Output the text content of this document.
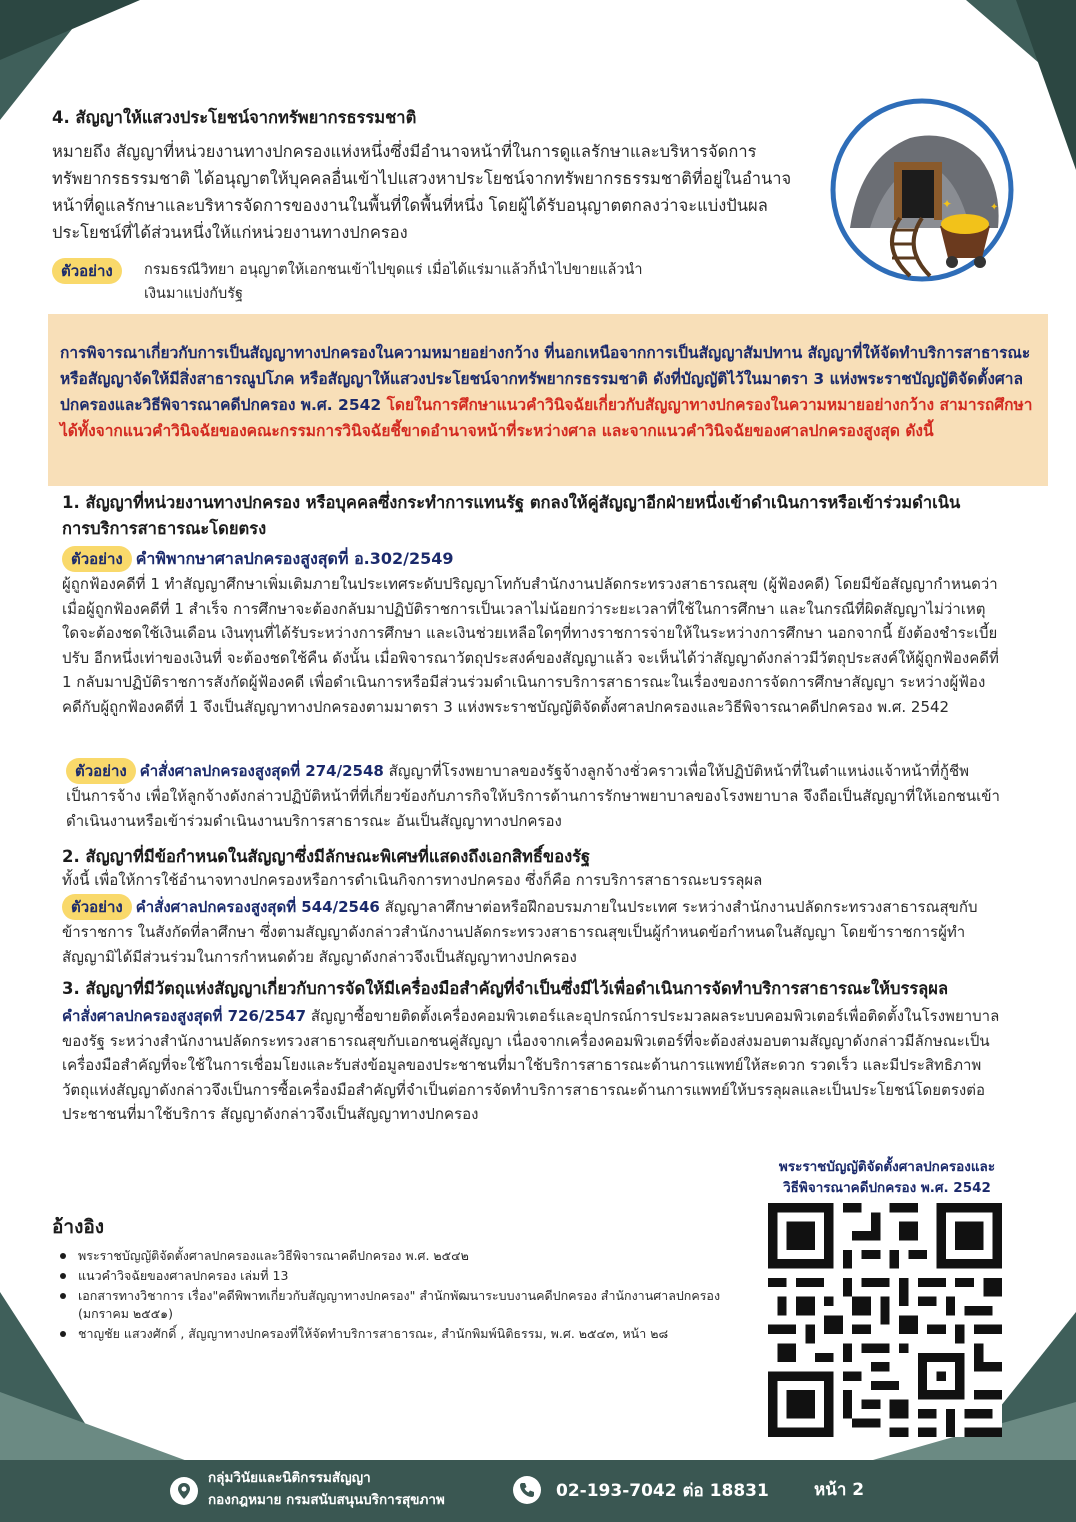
4. สัญญาให้แสวงประโยชน์จากทรัพยากรธรรมชาติ

หมายถึง สัญญาที่หน่วยงานทางปกครองแห่งหนึ่งซึ่งมีอำนาจหน้าที่ในการดูแลรักษาและบริหารจัดการทรัพยากรธรรมชาติ ได้อนุญาตให้บุคคลอื่นเข้าไปแสวงหาประโยชน์จากทรัพยากรธรรมชาติที่อยู่ในอำนาจหน้าที่ดูแลรักษาและบริหารจัดการของงานในพื้นที่ใดพื้นที่หนึ่ง โดยผู้ได้รับอนุญาตตกลงว่าจะแบ่งปันผลประโยชน์ที่ได้ส่วนหนึ่งให้แก่หน่วยงานทางปกครอง

ตัวอย่าง	กรมธรณีวิทยา อนุญาตให้เอกชนเข้าไปขุดแร่ เมื่อได้แร่มาแล้วก็นำไปขายแล้วนำเงินมาแบ่งกับรัฐ

✦	✦

การพิจารณาเกี่ยวกับการเป็นสัญญาทางปกครองในความหมายอย่างกว้าง ที่นอกเหนือจากการเป็นสัญญาสัมปทาน สัญญาที่ให้จัดทำบริการสาธารณะ หรือสัญญาจัดให้มีสิ่งสาธารณูปโภค หรือสัญญาให้แสวงประโยชน์จากทรัพยากรธรรมชาติ ดังที่บัญญัติไว้ในมาตรา 3 แห่งพระราชบัญญัติจัดตั้งศาลปกครองและวิธีพิจารณาคดีปกครอง พ.ศ. 2542 โดยในการศึกษาแนวคำวินิจฉัยเกี่ยวกับสัญญาทางปกครองในความหมายอย่างกว้าง สามารถศึกษาได้ทั้งจากแนวคำวินิจฉัยของคณะกรรมการวินิจฉัยชี้ขาดอำนาจหน้าที่ระหว่างศาล และจากแนวคำวินิจฉัยของศาลปกครองสูงสุด ดังนี้

1. สัญญาที่หน่วยงานทางปกครอง หรือบุคคลซึ่งกระทำการแทนรัฐ ตกลงให้คู่สัญญาอีกฝ่ายหนึ่งเข้าดำเนินการหรือเข้าร่วมดำเนินการบริการสาธารณะโดยตรง
ตัวอย่าง คำพิพากษาศาลปกครองสูงสุดที่ อ.302/2549

ผู้ถูกฟ้องคดีที่ 1 ทำสัญญาศึกษาเพิ่มเติมภายในประเทศระดับปริญญาโทกับสำนักงานปลัดกระทรวงสาธารณสุข (ผู้ฟ้องคดี) โดยมีข้อสัญญากำหนดว่า เมื่อผู้ถูกฟ้องคดีที่ 1 สำเร็จ การศึกษาจะต้องกลับมาปฏิบัติราชการเป็นเวลาไม่น้อยกว่าระยะเวลาที่ใช้ในการศึกษา และในกรณีที่ผิดสัญญาไม่ว่าเหตุใดจะต้องชดใช้เงินเดือน เงินทุนที่ได้รับระหว่างการศึกษา และเงินช่วยเหลือใดๆที่ทางราชการจ่ายให้ในระหว่างการศึกษา นอกจากนี้ ยังต้องชำระเบี้ยปรับ อีกหนึ่งเท่าของเงินที่ จะต้องชดใช้คืน ดังนั้น เมื่อพิจารณาวัตถุประสงค์ของสัญญาแล้ว จะเห็นได้ว่าสัญญาดังกล่าวมีวัตถุประสงค์ให้ผู้ถูกฟ้องคดีที่ 1 กลับมาปฏิบัติราชการสังกัดผู้ฟ้องคดี เพื่อดำเนินการหรือมีส่วนร่วมดำเนินการบริการสาธารณะในเรื่องของการจัดการศึกษาสัญญา ระหว่างผู้ฟ้องคดีกับผู้ถูกฟ้องคดีที่ 1 จึงเป็นสัญญาทางปกครองตามมาตรา 3 แห่งพระราชบัญญัติจัดตั้งศาลปกครองและวิธีพิจารณาคดีปกครอง พ.ศ. 2542

ตัวอย่าง คำสั่งศาลปกครองสูงสุดที่ 274/2548 สัญญาที่โรงพยาบาลของรัฐจ้างลูกจ้างชั่วคราวเพื่อให้ปฏิบัติหน้าที่ในตำแหน่งแจ้าหน้าที่กู้ชีพ เป็นการจ้าง เพื่อให้ลูกจ้างดังกล่าวปฏิบัติหน้าที่ที่เกี่ยวข้องกับภารกิจให้บริการด้านการรักษาพยาบาลของโรงพยาบาล จึงถือเป็นสัญญาที่ให้เอกชนเข้าดำเนินงานหรือเข้าร่วมดำเนินงานบริการสาธารณะ อันเป็นสัญญาทางปกครอง

2. สัญญาที่มีข้อกำหนดในสัญญาซึ่งมีลักษณะพิเศษที่แสดงถึงเอกสิทธิ์ของรัฐ

ทั้งนี้ เพื่อให้การใช้อำนาจทางปกครองหรือการดำเนินกิจการทางปกครอง ซึ่งก็คือ การบริการสาธารณะบรรลุผล

ตัวอย่าง คำสั่งศาลปกครองสูงสุดที่ 544/2546 สัญญาลาศึกษาต่อหรือฝึกอบรมภายในประเทศ ระหว่างสำนักงานปลัดกระทรวงสาธารณสุขกับข้าราชการ ในสังกัดที่ลาศึกษา ซึ่งตามสัญญาดังกล่าวสำนักงานปลัดกระทรวงสาธารณสุขเป็นผู้กำหนดข้อกำหนดในสัญญา โดยข้าราชการผู้ทำสัญญามิได้มีส่วนร่วมในการกำหนดด้วย สัญญาดังกล่าวจึงเป็นสัญญาทางปกครอง

3. สัญญาที่มีวัตถุแห่งสัญญาเกี่ยวกับการจัดให้มีเครื่องมือสำคัญที่จำเป็นซึ่งมีไว้เพื่อดำเนินการจัดทำบริการสาธารณะให้บรรลุผล

คำสั่งศาลปกครองสูงสุดที่ 726/2547 สัญญาซื้อขายติดตั้งเครื่องคอมพิวเตอร์และอุปกรณ์การประมวลผลระบบคอมพิวเตอร์เพื่อติดตั้งในโรงพยาบาลของรัฐ ระหว่างสำนักงานปลัดกระทรวงสาธารณสุขกับเอกชนคู่สัญญา เนื่องจากเครื่องคอมพิวเตอร์ที่จะต้องส่งมอบตามสัญญาดังกล่าวมีลักษณะเป็นเครื่องมือสำคัญที่จะใช้ในการเชื่อมโยงและรับส่งข้อมูลของประชาชนที่มาใช้บริการสาธารณะด้านการแพทย์ให้สะดวก รวดเร็ว และมีประสิทธิภาพ วัตถุแห่งสัญญาดังกล่าวจึงเป็นการซื้อเครื่องมือสำคัญที่จำเป็นต่อการจัดทำบริการสาธารณะด้านการแพทย์ให้บรรลุผลและเป็นประโยชน์โดยตรงต่อประชาชนที่มาใช้บริการ สัญญาดังกล่าวจึงเป็นสัญญาทางปกครอง

พระราชบัญญัติจัดตั้งศาลปกครองและ
วิธีพิจารณาคดีปกครอง พ.ศ. 2542
อ้างอิง
พระราชบัญญัติจัดตั้งศาลปกครองและวิธีพิจารณาคดีปกครอง พ.ศ. ๒๕๔๒
แนวคำวิจฉัยของศาลปกครอง เล่มที่ 13
เอกสารทางวิชาการ เรื่อง"คดีพิพาทเกี่ยวกับสัญญาทางปกครอง" สำนักพัฒนาระบบงานคดีปกครอง สำนักงานศาลปกครอง (มกราคม ๒๕๕๑)
ชาญชัย แสวงศักดิ์ , สัญญาทางปกครองที่ให้จัดทำบริการสาธารณะ, สำนักพิมพ์นิติธรรม, พ.ศ. ๒๕๔๓, หน้า ๒๘
กลุ่มวินัยและนิติกรรมสัญญา
กองกฎหมาย กรมสนับสนุนบริการสุขภาพ	02-193-7042 ต่อ 18831	หน้า 2
